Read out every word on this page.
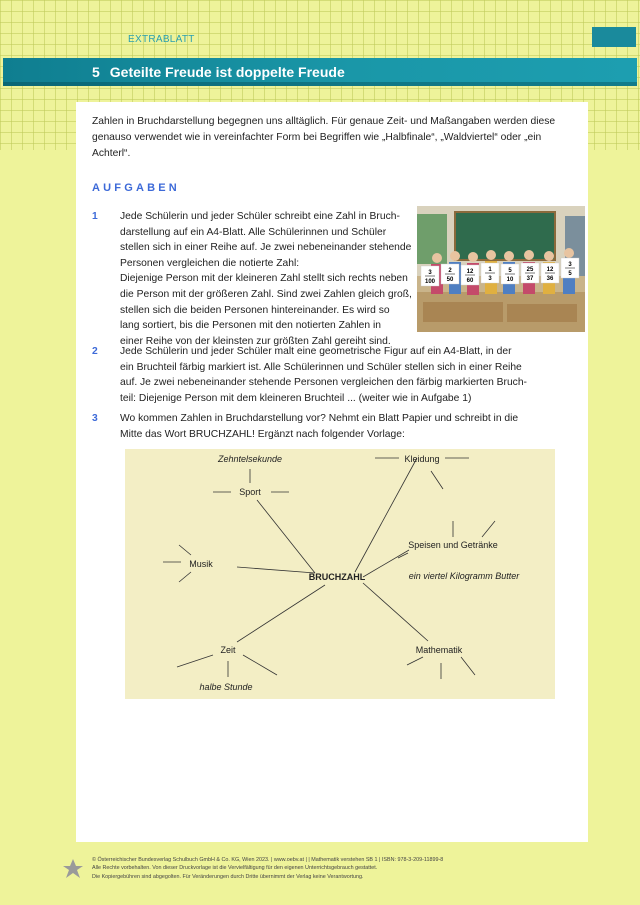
EXTRABLATT
5 Geteilte Freude ist doppelte Freude
Zahlen in Bruchdarstellung begegnen uns alltäglich. Für genaue Zeit- und Maßangaben werden diese genauso verwendet wie in vereinfachter Form bei Begriffen wie „Halbfinale“, „Waldviertel“ oder „ein Achterl“.
AUFGABEN
1 Jede Schülerin und jeder Schüler schreibt eine Zahl in Bruch-
darstellung auf ein A4-Blatt. Alle Schülerinnen und Schüler
stellen sich in einer Reihe auf. Je zwei nebeneinander stehende
Personen vergleichen die notierte Zahl:
Diejenige Person mit der kleineren Zahl stellt sich rechts neben
die Person mit der größeren Zahl. Sind zwei Zahlen gleich groß,
stellen sich die beiden Personen hintereinander. Es wird so
lang sortiert, bis die Personen mit den notierten Zahlen in
einer Reihe von der kleinsten zur größten Zahl gereiht sind.
3
100
2
50
12
60
1
3
5
10
25
37
12
36
3
5
2 Jede Schülerin und jeder Schüler malt eine geometrische Figur auf ein A4-Blatt, in der
ein Bruchteil färbig markiert ist. Alle Schülerinnen und Schüler stellen sich in einer Reihe
auf. Je zwei nebeneinander stehende Personen vergleichen den färbig markierten Bruch-
teil: Diejenige Person mit dem kleineren Bruchteil ... (weiter wie in Aufgabe 1)
3 Wo kommen Zahlen in Bruchdarstellung vor? Nehmt ein Blatt Papier und schreibt in die
Mitte das Wort BRUCHZAHL! Ergänzt nach folgender Vorlage:
BRUCHZAHL
Sport
Zehntelsekunde
Musik
Zeit
halbe Stunde
Kleidung
Speisen und Getränke
ein viertel Kilogramm Butter
Mathematik
© Österreichischer Bundesverlag Schulbuch GmbH & Co. KG, Wien 2023. | www.oebv.at | | Mathematik verstehen SB 1 | ISBN: 978-3-209-11899-8
Alle Rechte vorbehalten. Von dieser Druckvorlage ist die Vervielfältigung für den eigenen Unterrichtsgebrauch gestattet.
Die Kopiergebühren sind abgegolten. Für Veränderungen durch Dritte übernimmt der Verlag keine Verantwortung.
